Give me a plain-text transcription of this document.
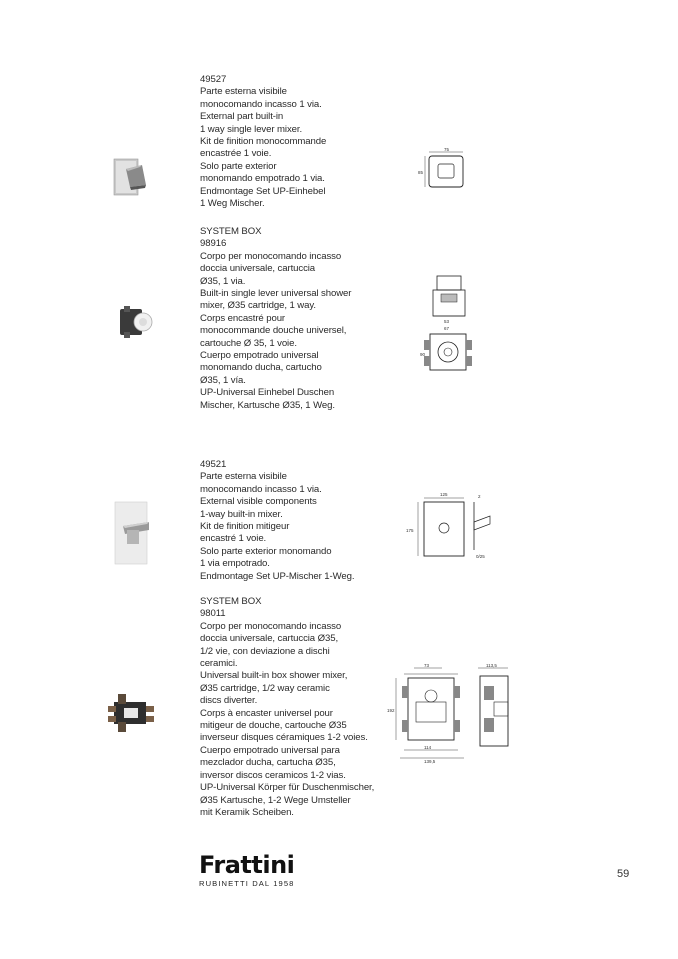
49527
Parte esterna visibile
monocomando incasso 1 via.
External part built-in
1 way single lever mixer.
Kit de finition monocommande
encastrée 1 voie.
Solo parte exterior
monomando empotrado 1 via.
Endmontage Set UP-Einhebel
1 Weg Mischer.
75
85
SYSTEM BOX
98916
Corpo per monocomando incasso
doccia universale, cartuccia
Ø35, 1 via.
Built-in single lever universal shower
mixer, Ø35 cartridge, 1 way.
Corps encastré pour
monocommande douche universel,
cartouche Ø 35, 1 voie.
Cuerpo empotrado universal
monomando ducha, cartucho
Ø35, 1 vía.
UP-Universal Einhebel Duschen
Mischer, Kartusche Ø35, 1 Weg.
53
67
90
49521
Parte esterna visibile
monocomando incasso 1 via.
External visible components
1-way built-in mixer.
Kit de finition mitigeur
encastré 1 voie.
Solo parte exterior monomando
1 via empotrado.
Endmontage Set UP-Mischer 1-Weg.
125	2
175
0/25
SYSTEM BOX
98011
Corpo per monocomando incasso
doccia universale, cartuccia Ø35,
1/2 vie, con deviazione a dischi
ceramici.
Universal built-in box shower mixer,
Ø35 cartridge, 1/2 way ceramic
discs diverter.
Corps à encaster universel pour
mitigeur de douche, cartouche Ø35
inverseur disques céramiques 1-2 voies.
Cuerpo empotrado universal para
mezclador ducha, cartucha Ø35,
inversor discos ceramicos 1-2 vias.
UP-Universal Körper für Duschenmischer,
Ø35 Kartusche, 1-2 Wege Umsteller
mit Keramik Scheiben.
73
192
114
139,5
113,5
Frattini
RUBINETTI DAL 1958
59
